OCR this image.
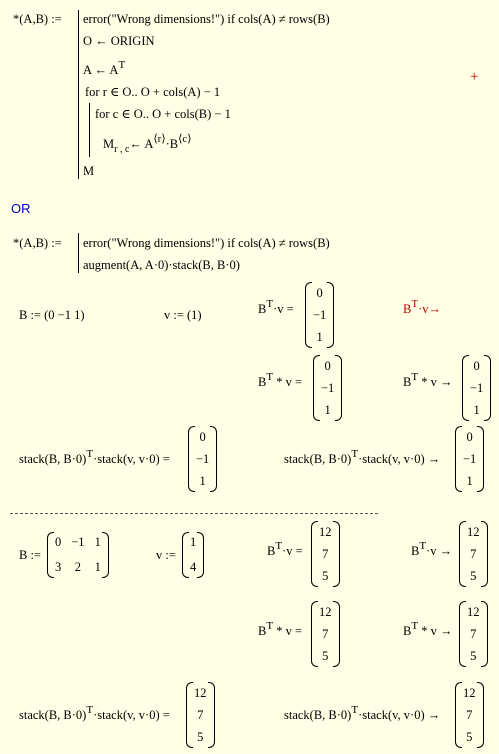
*(A,B) := error("Wrong dimensions!") if cols(A) ≠ rows(B)
O ← ORIGIN
A ← AT
for r ∈ O.. O + cols(A) − 1
for c ∈ O.. O + cols(B) − 1
$M_{r , c}\leftarrow$ A⟨r⟩·B⟨c⟩
M
+
OR
*(A,B) := error("Wrong dimensions!") if cols(A) ≠ rows(B)
augment(A, A·0)·stack(B, B·0)
B := (0 −1 1)	v := (1)	BT·v =
0
−1
1
BT·v→
BT * v =
0
−1
1
BT * v →
0
−1
1
stack(B, B·0)T·stack(v, v·0) =
0
−1
1
stack(B, B·0)T·stack(v, v·0) →
0
−1
1
B :=
0 −1 1
3 2 1
v :=
1
4
BT·v =
12
7
5
BT·v →
12
7
5
BT * v =
12
7
5
BT * v →
12
7
5
stack(B, B·0)T·stack(v, v·0) =
12
7
5
stack(B, B·0)T·stack(v, v·0) →
12
7
5
